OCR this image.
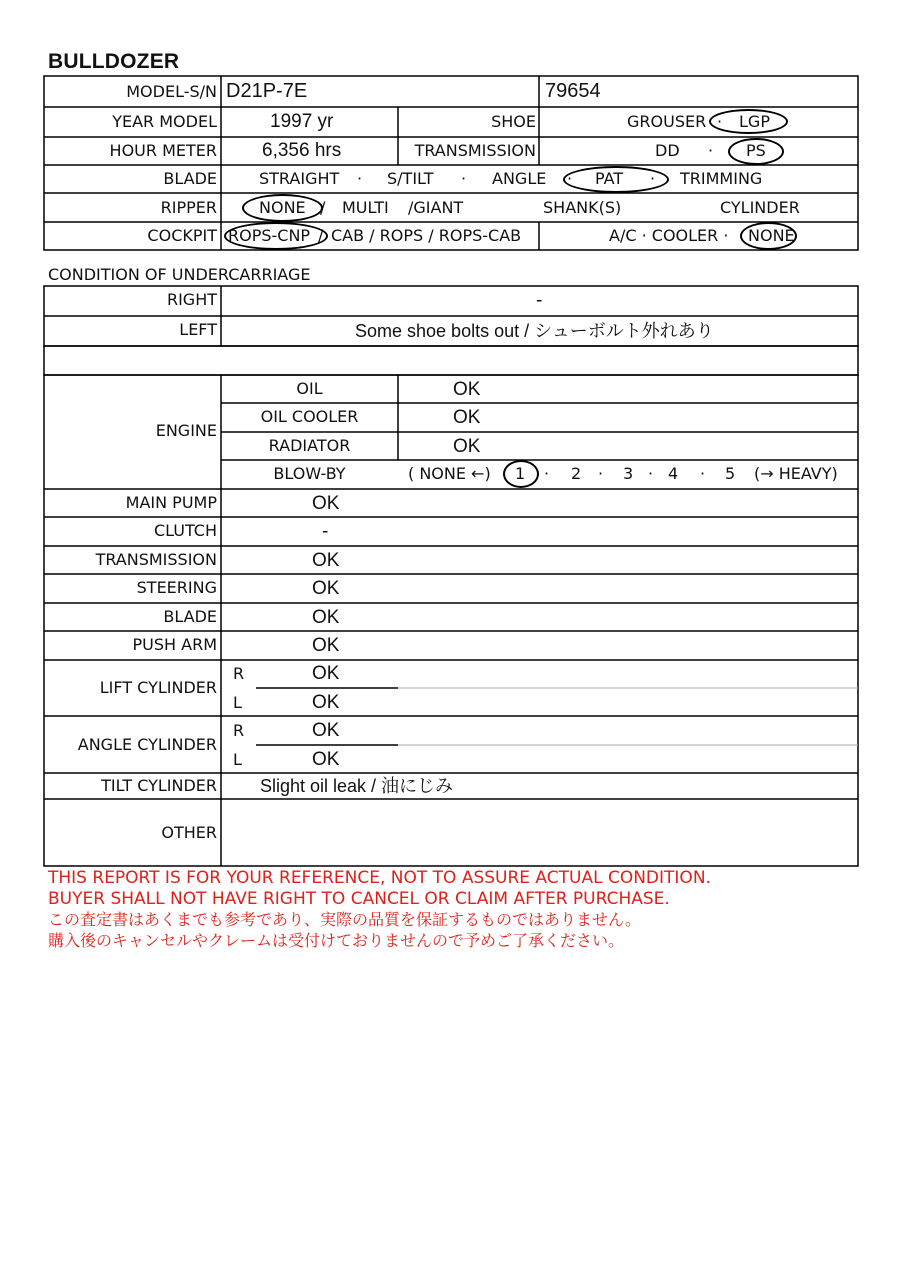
BULLDOZER
MODEL-S/N D21P-7E	79654
YEAR MODEL	1997 yr	SHOE	GROUSER · LGP
HOUR METER 6,356 hrs	TRANSMISSION	DD · PS
BLADE	STRAIGHT · S/TILT · ANGLE · PAT · TRIMMING
RIPPER	NONE / MULTI /GIANT	SHANK(S)	CYLINDER
COCKPIT ROPS-CNP / CAB / ROPS / ROPS-CAB	A/C · COOLER · NONE
CONDITION OF UNDERCARRIAGE
RIGHT	-
LEFT	Some shoe bolts out / シューボルト外れあり
ENGINE
OIL	OK
OIL COOLER	OK
RADIATOR	OK
BLOW-BY	( NONE ←) 1 · 2 · 3 · 4 · 5 (→ HEAVY)
MAIN PUMP	OK
CLUTCH	-
TRANSMISSION	OK
STEERING	OK
BLADE	OK
PUSH ARM	OK
LIFT CYLINDER
R	OK
L	OK
ANGLE CYLINDER
R	OK
L	OK
TILT CYLINDER Slight oil leak / 油にじみ
OTHER
THIS REPORT IS FOR YOUR REFERENCE, NOT TO ASSURE ACTUAL CONDITION.
BUYER SHALL NOT HAVE RIGHT TO CANCEL OR CLAIM AFTER PURCHASE.
この査定書はあくまでも参考であり、実際の品質を保証するものではありません。
購入後のキャンセルやクレームは受付けておりませんので予めご了承ください。
